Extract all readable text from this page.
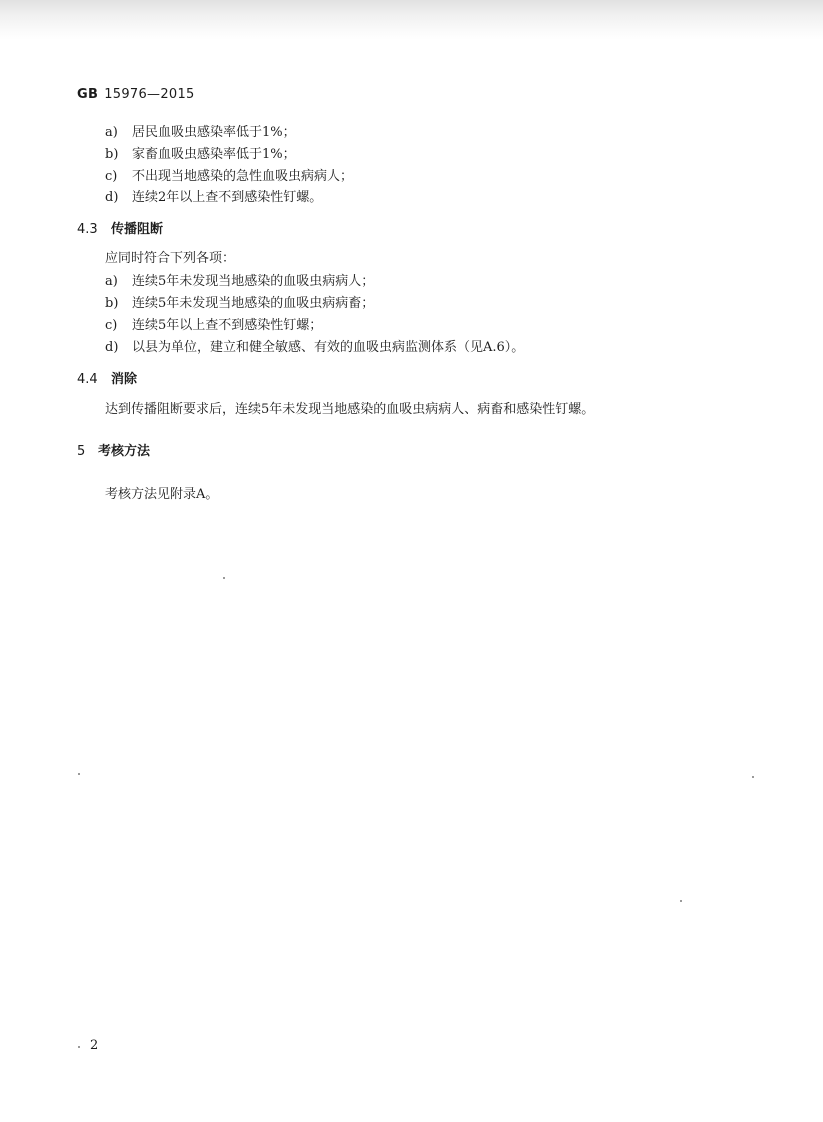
GB 15976—2015
a) 居民血吸虫感染率低于1%；
b) 家畜血吸虫感染率低于1%；
c) 不出现当地感染的急性血吸虫病病人；
d) 连续2年以上查不到感染性钉螺。
4.3 传播阻断
应同时符合下列各项：
a) 连续5年未发现当地感染的血吸虫病病人；
b) 连续5年未发现当地感染的血吸虫病病畜；
c) 连续5年以上查不到感染性钉螺；
d) 以县为单位，建立和健全敏感、有效的血吸虫病监测体系（见A.6）。
4.4 消除
达到传播阻断要求后，连续5年未发现当地感染的血吸虫病病人、病畜和感染性钉螺。
5 考核方法
考核方法见附录A。
2
